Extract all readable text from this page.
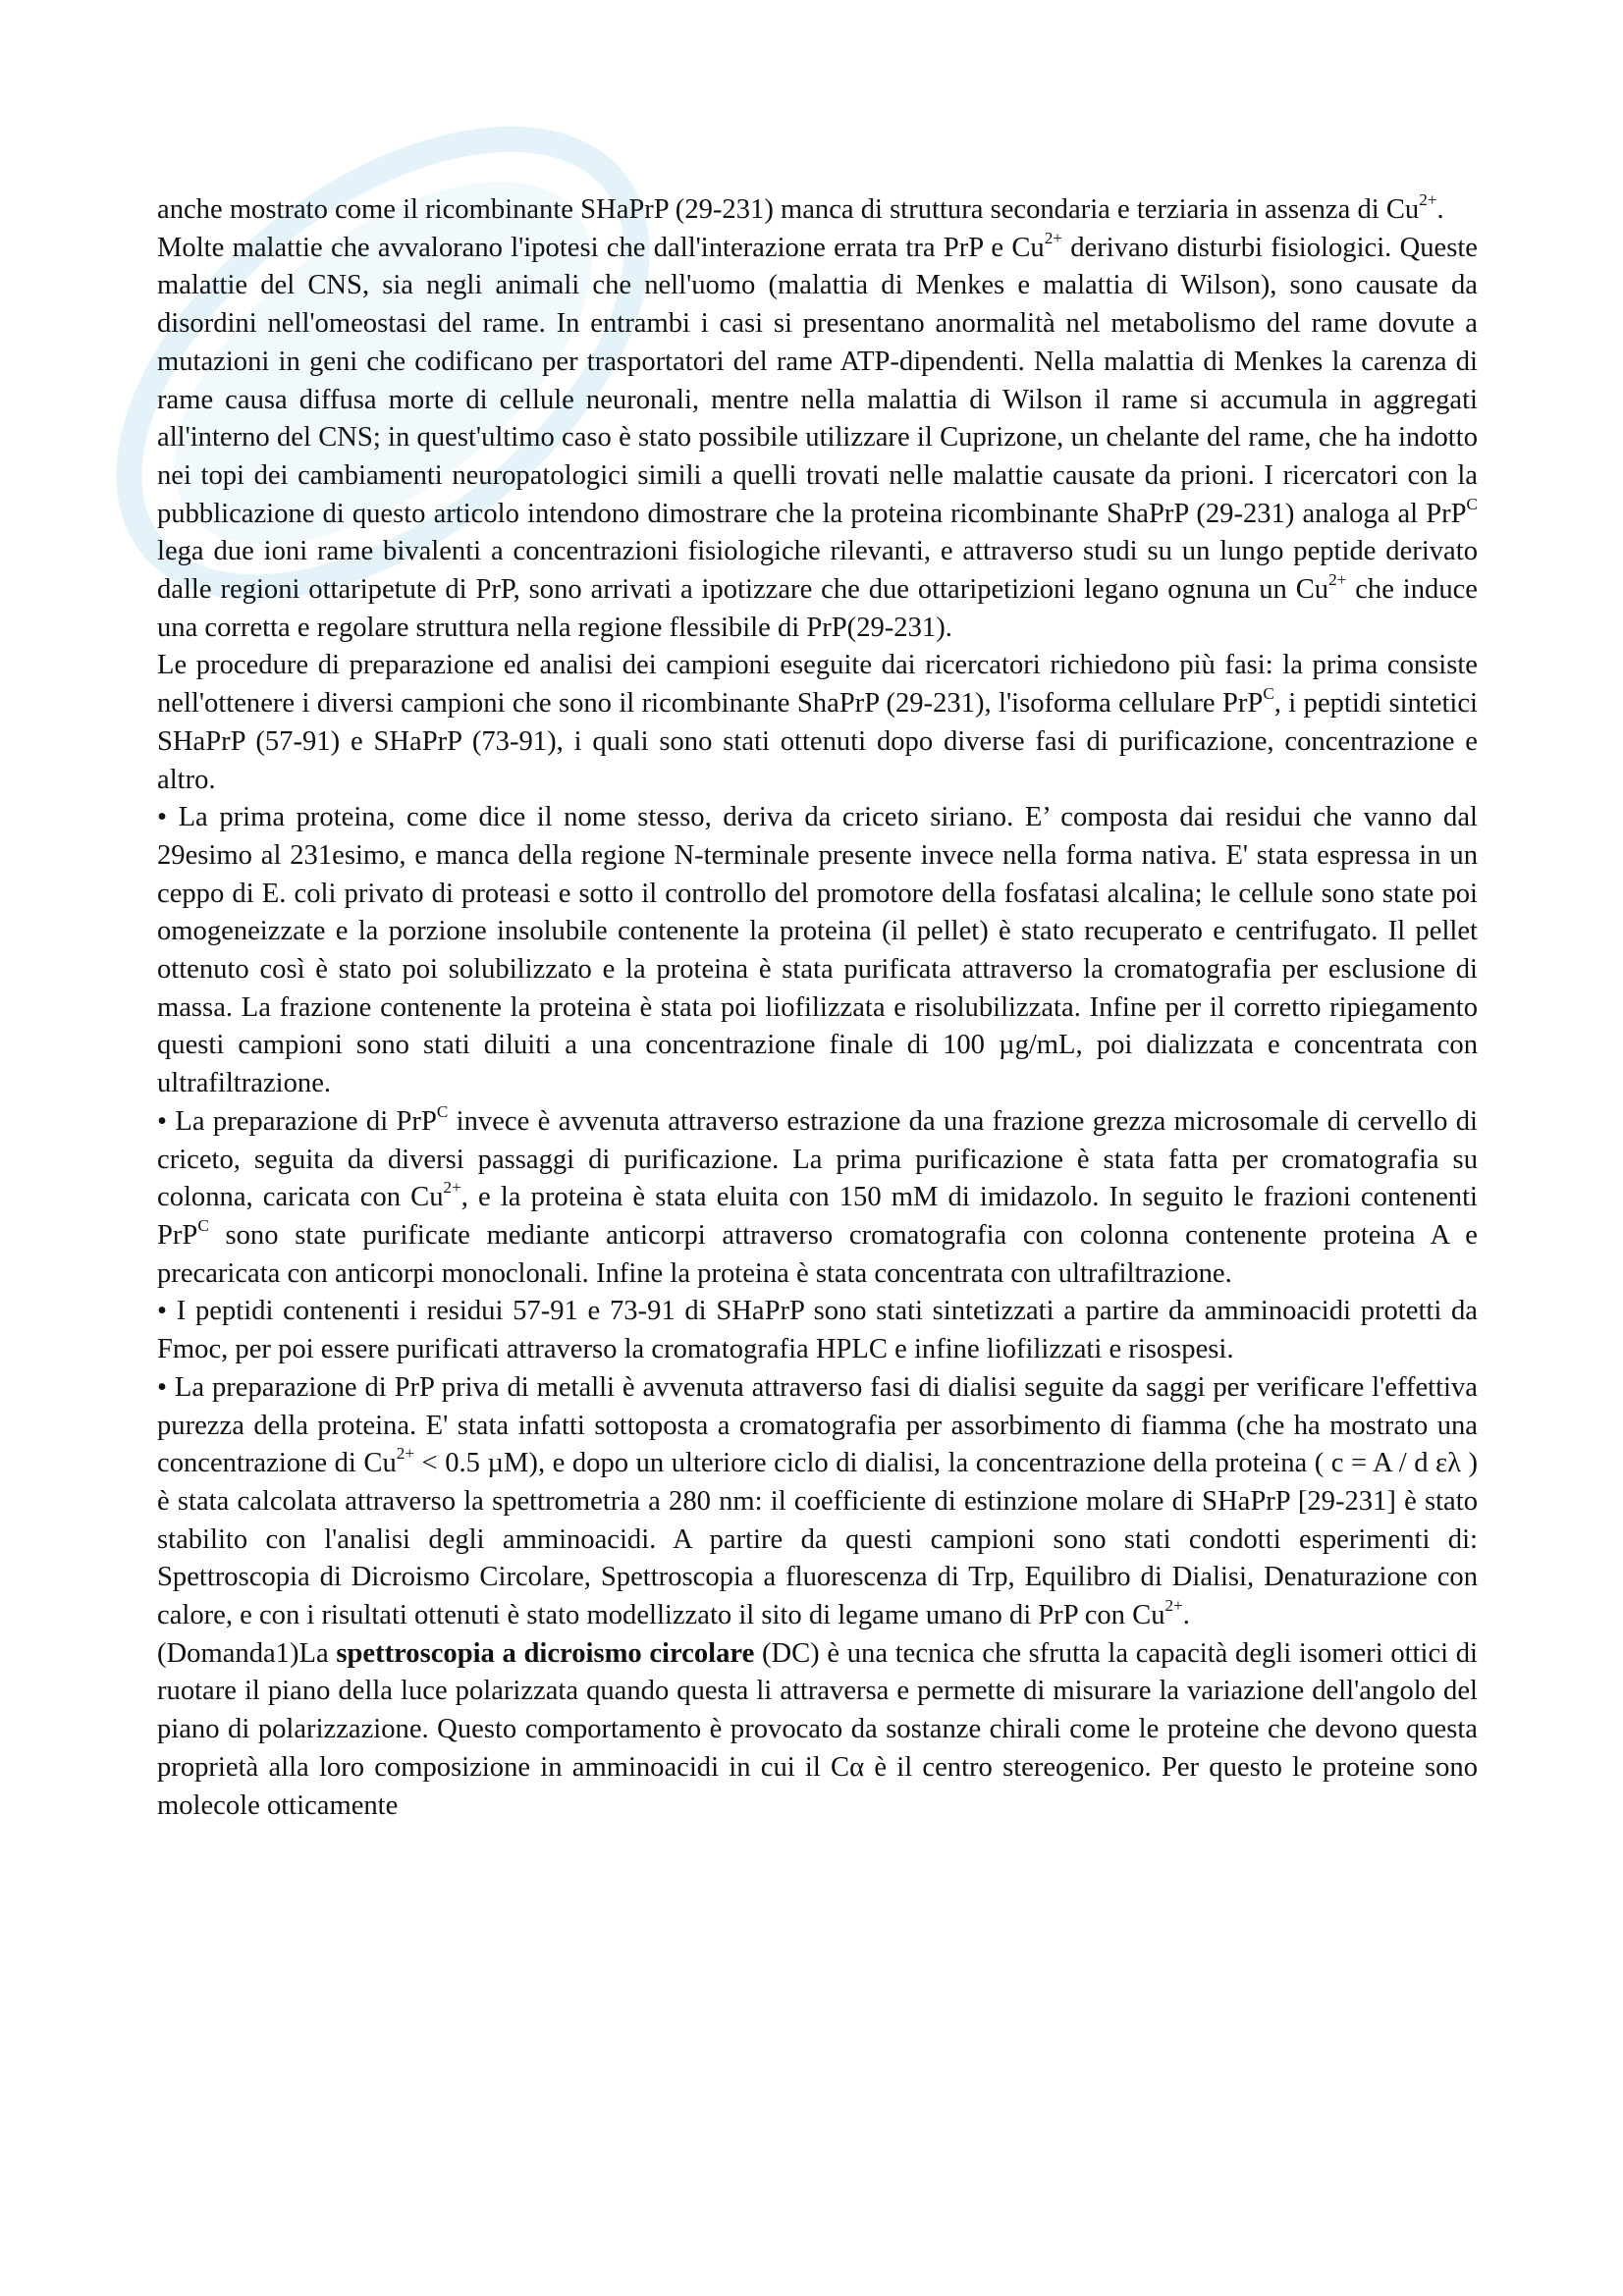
anche mostrato come il ricombinante SHaPrP (29-231) manca di struttura secondaria e terziaria in assenza di $Cu^{2+}$.

Molte malattie che avvalorano l'ipotesi che dall'interazione errata tra PrP e $Cu^{2+}$ derivano disturbi fisiologici. Queste malattie del CNS, sia negli animali che nell'uomo (malattia di Menkes e malattia di Wilson), sono causate da disordini nell'omeostasi del rame. In entrambi i casi si presentano anormalità nel metabolismo del rame dovute a mutazioni in geni che codificano per trasportatori del rame ATP-dipendenti. Nella malattia di Menkes la carenza di rame causa diffusa morte di cellule neuronali, mentre nella malattia di Wilson il rame si accumula in aggregati all'interno del CNS; in quest'ultimo caso è stato possibile utilizzare il Cuprizone, un chelante del rame, che ha indotto nei topi dei cambiamenti neuropatologici simili a quelli trovati nelle malattie causate da prioni. I ricercatori con la pubblicazione di questo articolo intendono dimostrare che la proteina ricombinante ShaPrP (29-231) analoga al PrP$^C$ lega due ioni rame bivalenti a concentrazioni fisiologiche rilevanti, e attraverso studi su un lungo peptide derivato dalle regioni ottaripetute di PrP, sono arrivati a ipotizzare che due ottaripetizioni legano ognuna un $Cu^{2+}$ che induce una corretta e regolare struttura nella regione flessibile di PrP(29-231).

Le procedure di preparazione ed analisi dei campioni eseguite dai ricercatori richiedono più fasi: la prima consiste nell'ottenere i diversi campioni che sono il ricombinante ShaPrP (29-231), l'isoforma cellulare PrP$^C$, i peptidi sintetici SHaPrP (57-91) e SHaPrP (73-91), i quali sono stati ottenuti dopo diverse fasi di purificazione, concentrazione e altro.

• La prima proteina, come dice il nome stesso, deriva da criceto siriano. E’ composta dai residui che vanno dal 29esimo al 231esimo, e manca della regione N-terminale presente invece nella forma nativa. E' stata espressa in un ceppo di E. coli privato di proteasi e sotto il controllo del promotore della fosfatasi alcalina; le cellule sono state poi omogeneizzate e la porzione insolubile contenente la proteina (il pellet) è stato recuperato e centrifugato. Il pellet ottenuto così è stato poi solubilizzato e la proteina è stata purificata attraverso la cromatografia per esclusione di massa. La frazione contenente la proteina è stata poi liofilizzata e risolubilizzata. Infine per il corretto ripiegamento questi campioni sono stati diluiti a una concentrazione finale di 100 µg/mL, poi dializzata e concentrata con ultrafiltrazione.

• La preparazione di PrP$^C$ invece è avvenuta attraverso estrazione da una frazione grezza microsomale di cervello di criceto, seguita da diversi passaggi di purificazione. La prima purificazione è stata fatta per cromatografia su colonna, caricata con $Cu^{2+}$, e la proteina è stata eluita con 150 mM di imidazolo. In seguito le frazioni contenenti PrP$^C$ sono state purificate mediante anticorpi attraverso cromatografia con colonna contenente proteina A e precaricata con anticorpi monoclonali. Infine la proteina è stata concentrata con ultrafiltrazione.

• I peptidi contenenti i residui 57-91 e 73-91 di SHaPrP sono stati sintetizzati a partire da amminoacidi protetti da Fmoc, per poi essere purificati attraverso la cromatografia HPLC e infine liofilizzati e risospesi.

• La preparazione di PrP priva di metalli è avvenuta attraverso fasi di dialisi seguite da saggi per verificare l'effettiva purezza della proteina. E' stata infatti sottoposta a cromatografia per assorbimento di fiamma (che ha mostrato una concentrazione di $Cu^{2+} < 0.5$ µM), e dopo un ulteriore ciclo di dialisi, la concentrazione della proteina ( c = A / d ελ ) è stata calcolata attraverso la spettrometria a 280 nm: il coefficiente di estinzione molare di SHaPrP [29-231] è stato stabilito con l'analisi degli amminoacidi. A partire da questi campioni sono stati condotti esperimenti di: Spettroscopia di Dicroismo Circolare, Spettroscopia a fluorescenza di Trp, Equilibro di Dialisi, Denaturazione con calore, e con i risultati ottenuti è stato modellizzato il sito di legame umano di PrP con $Cu^{2+}$.

(Domanda1)La spettroscopia a dicroismo circolare (DC) è una tecnica che sfrutta la capacità degli isomeri ottici di ruotare il piano della luce polarizzata quando questa li attraversa e permette di misurare la variazione dell'angolo del piano di polarizzazione. Questo comportamento è provocato da sostanze chirali come le proteine che devono questa proprietà alla loro composizione in amminoacidi in cui il Cα è il centro stereogenico. Per questo le proteine sono molecole otticamente
